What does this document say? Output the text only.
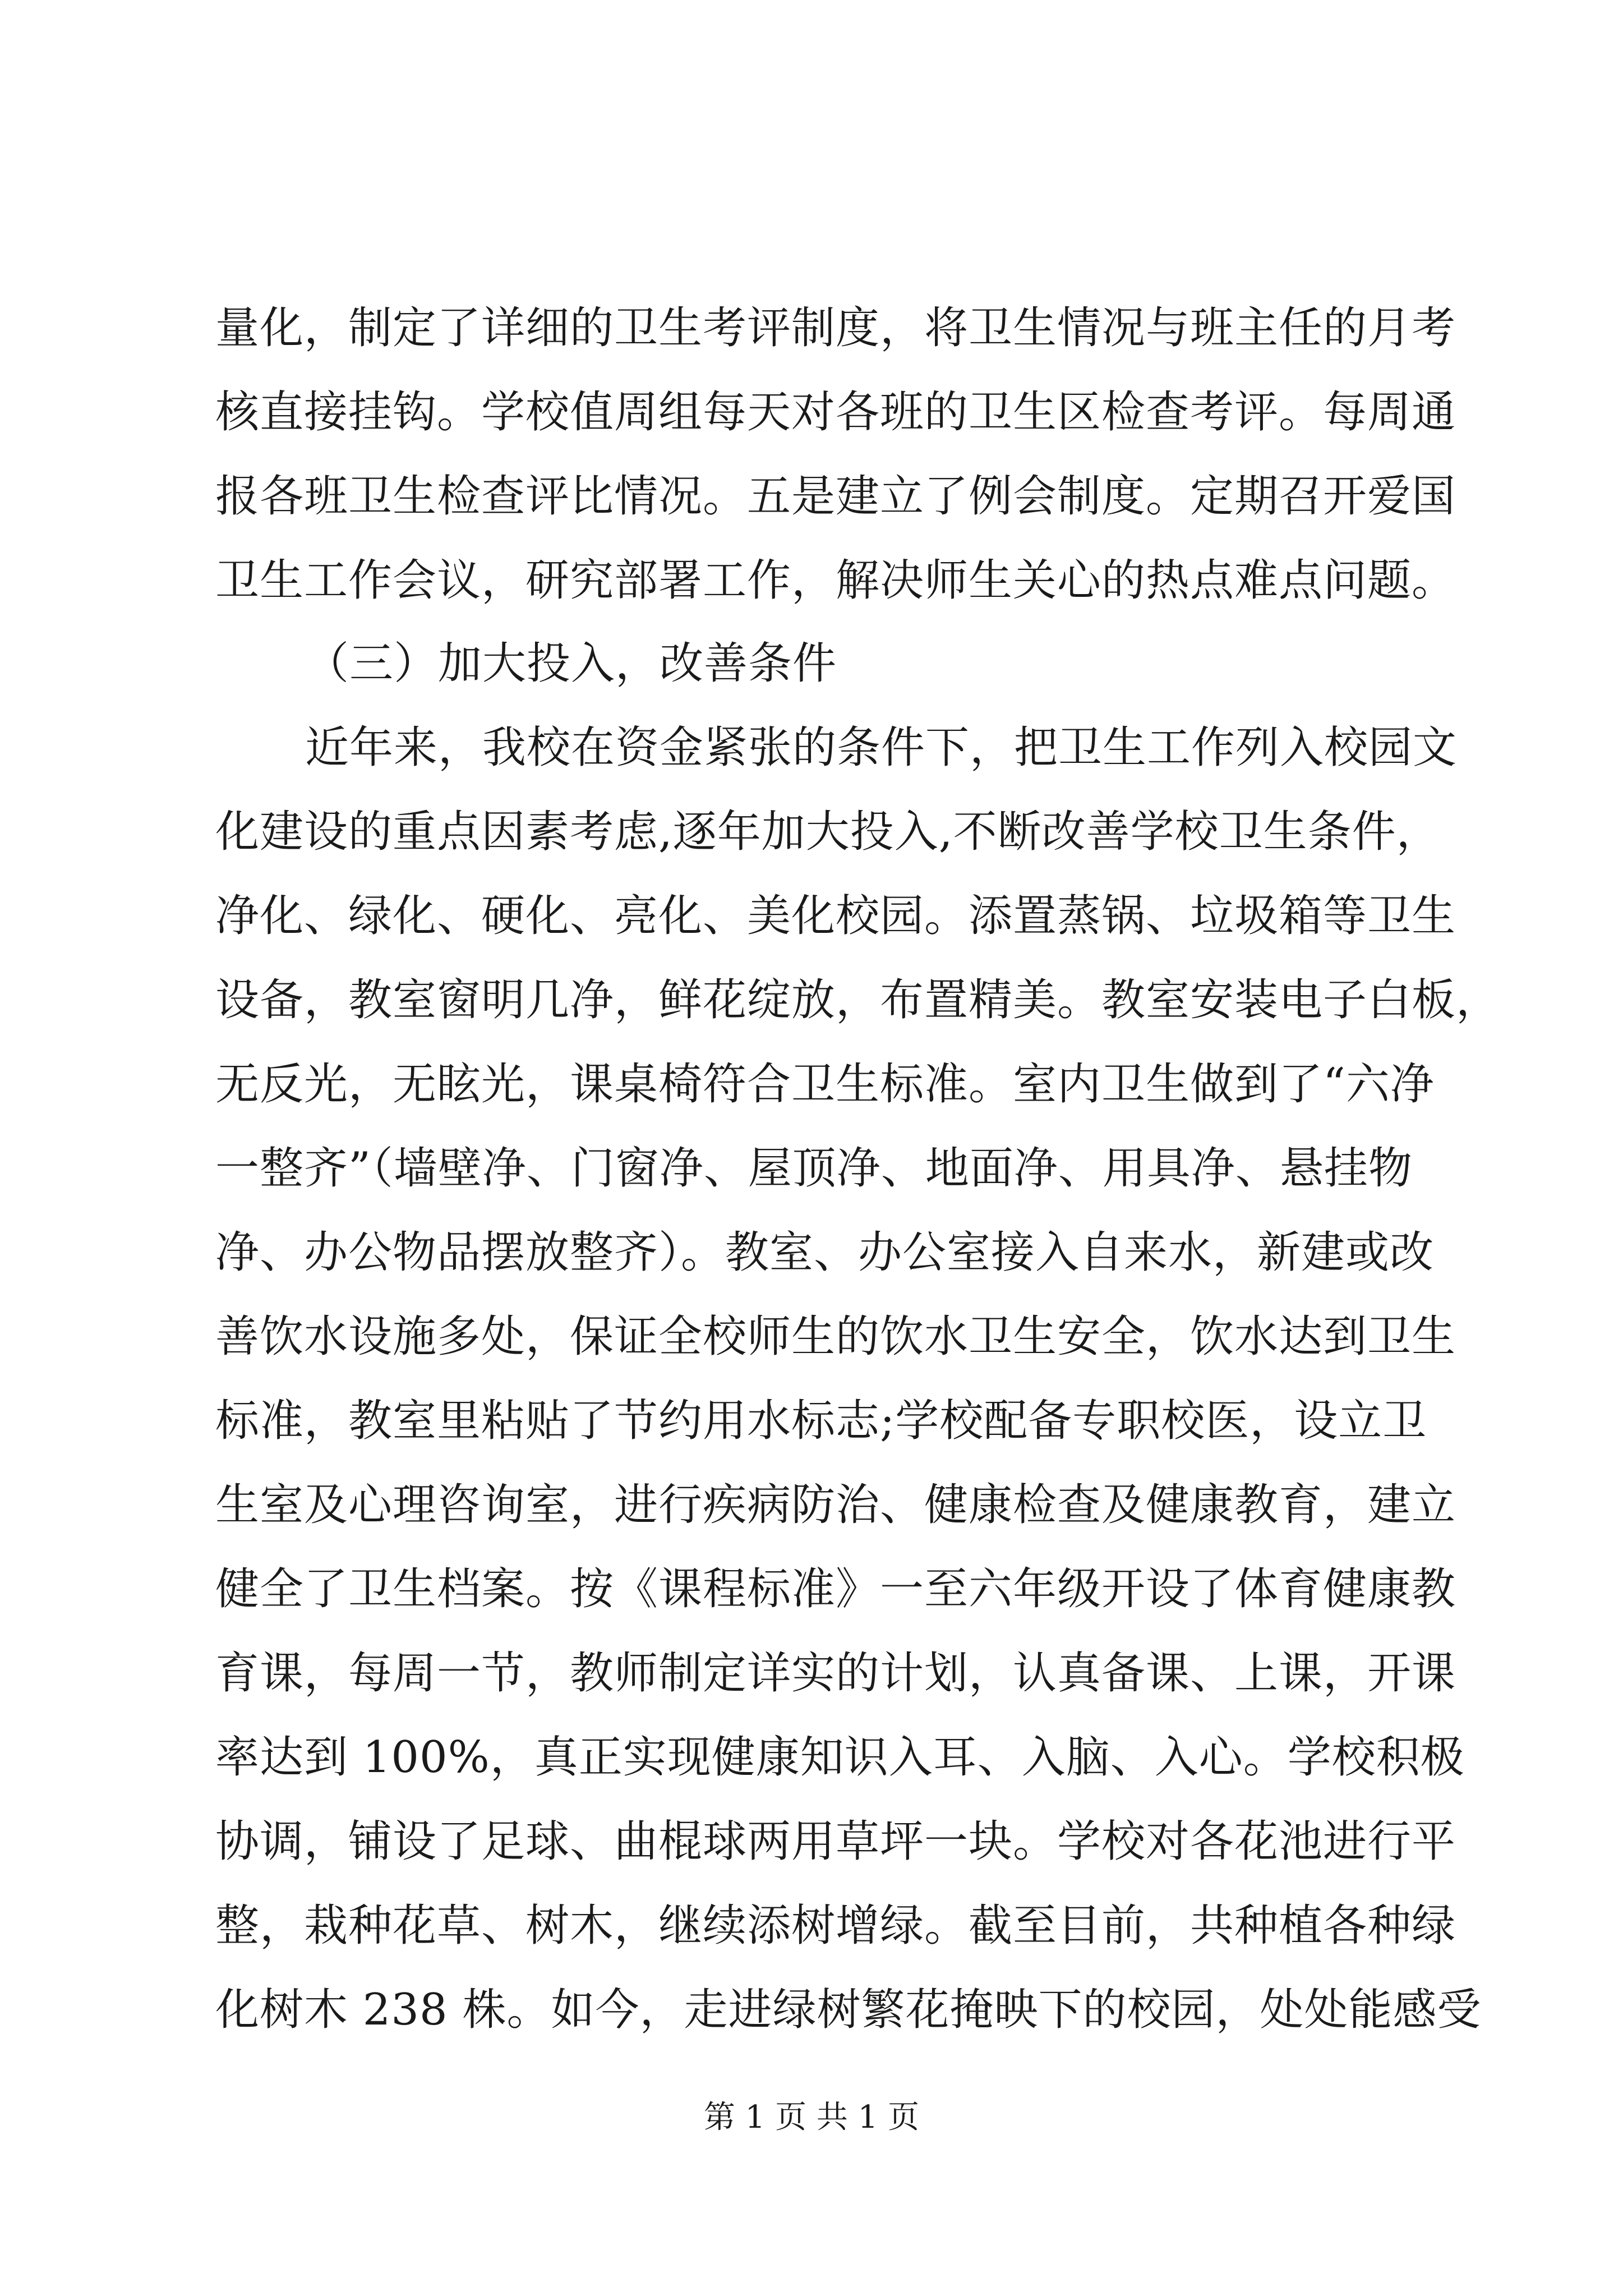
量化，制定了详细的卫生考评制度，将卫生情况与班主任的月考
核直接挂钩。学校值周组每天对各班的卫生区检查考评。每周通
报各班卫生检查评比情况。五是建立了例会制度。定期召开爱国
卫生工作会议，研究部署工作，解决师生关心的热点难点问题。
（三）加大投入，改善条件
近年来，我校在资金紧张的条件下，把卫生工作列入校园文
化建设的重点因素考虑,逐年加大投入,不断改善学校卫生条件，
净化、绿化、硬化、亮化、美化校园。添置蒸锅、垃圾箱等卫生
设备，教室窗明几净，鲜花绽放，布置精美。教室安装电子白板，
无反光，无眩光，课桌椅符合卫生标准。室内卫生做到了“六净
一整齐”（墙壁净、门窗净、屋顶净、地面净、用具净、悬挂物
净、办公物品摆放整齐）。教室、办公室接入自来水，新建或改
善饮水设施多处，保证全校师生的饮水卫生安全，饮水达到卫生
标准，教室里粘贴了节约用水标志;学校配备专职校医，设立卫
生室及心理咨询室，进行疾病防治、健康检查及健康教育，建立
健全了卫生档案。按《课程标准》一至六年级开设了体育健康教
育课，每周一节，教师制定详实的计划，认真备课、上课，开课
率达到 100%，真正实现健康知识入耳、入脑、入心。学校积极
协调，铺设了足球、曲棍球两用草坪一块。学校对各花池进行平
整，栽种花草、树木，继续添树增绿。截至目前，共种植各种绿
化树木 238 株。如今，走进绿树繁花掩映下的校园，处处能感受
第 1 页 共 1 页
